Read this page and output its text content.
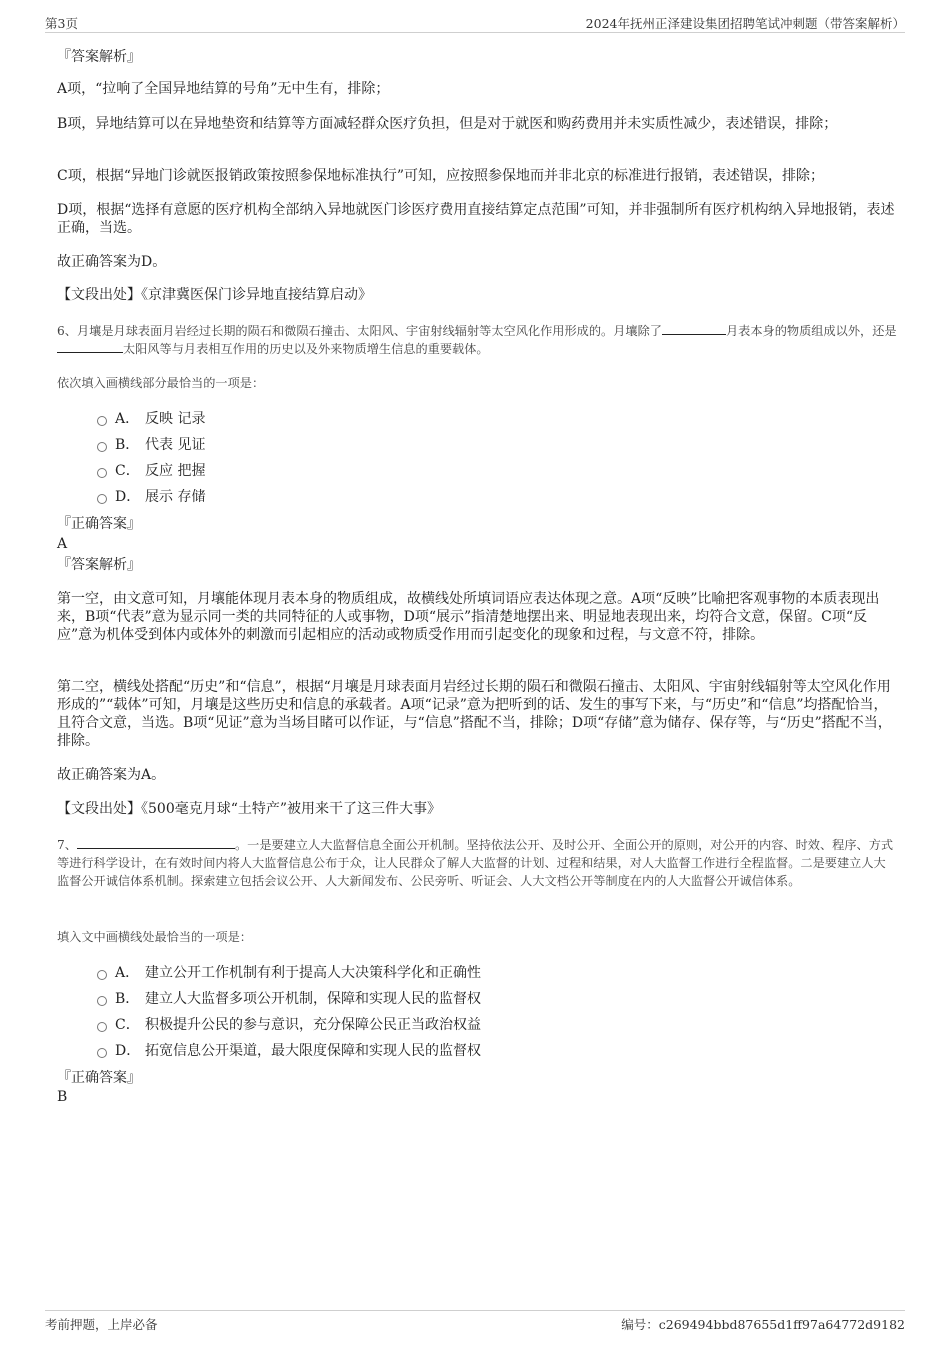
第3页	2024年抚州正泽建设集团招聘笔试冲刺题（带答案解析）
『答案解析』
A项，“拉响了全国异地结算的号角”无中生有，排除；
B项，异地结算可以在异地垫资和结算等方面减轻群众医疗负担，但是对于就医和购药费用并未实质性减少，表述错误，排除；
C项，根据“异地门诊就医报销政策按照参保地标准执行”可知，应按照参保地而并非北京的标准进行报销，表述错误，排除；
D项，根据“选择有意愿的医疗机构全部纳入异地就医门诊医疗费用直接结算定点范围”可知，并非强制所有医疗机构纳入异地报销，表述正确，当选。
故正确答案为D。
【文段出处】《京津冀医保门诊异地直接结算启动》
6、月壤是月球表面月岩经过长期的陨石和微陨石撞击、太阳风、宇宙射线辐射等太空风化作用形成的。月壤除了	月表本身的物质组成以外，还是太阳风等与月表相互作用的历史以及外来物质增生信息的重要载体。
依次填入画横线部分最恰当的一项是：
A． 反映 记录
B． 代表 见证
C． 反应 把握
D． 展示 存储
『正确答案』
A
『答案解析』
第一空，由文意可知，月壤能体现月表本身的物质组成，故横线处所填词语应表达体现之意。A项“反映”比喻把客观事物的本质表现出来，B项“代表”意为显示同一类的共同特征的人或事物，D项“展示”指清楚地摆出来、明显地表现出来，均符合文意，保留。C项“反应”意为机体受到体内或体外的刺激而引起相应的活动或物质受作用而引起变化的现象和过程，与文意不符，排除。
第二空，横线处搭配“历史”和“信息”，根据“月壤是月球表面月岩经过长期的陨石和微陨石撞击、太阳风、宇宙射线辐射等太空风化作用形成的”“载体”可知，月壤是这些历史和信息的承载者。A项“记录”意为把听到的话、发生的事写下来，与“历史”和“信息”均搭配恰当，且符合文意，当选。B项“见证”意为当场目睹可以作证，与“信息”搭配不当，排除；D项“存储”意为储存、保存等，与“历史”搭配不当，排除。
故正确答案为A。
【文段出处】《500毫克月球“土特产”被用来干了这三件大事》
7、	。一是要建立人大监督信息全面公开机制。坚持依法公开、及时公开、全面公开的原则，对公开的内容、时效、程序、方式等进行科学设计，在有效时间内将人大监督信息公布于众，让人民群众了解人大监督的计划、过程和结果，对人大监督工作进行全程监督。二是要建立人大监督公开诚信体系机制。探索建立包括会议公开、人大新闻发布、公民旁听、听证会、人大文档公开等制度在内的人大监督公开诚信体系。
填入文中画横线处最恰当的一项是：
A． 建立公开工作机制有利于提高人大决策科学化和正确性
B． 建立人大监督多项公开机制，保障和实现人民的监督权
C． 积极提升公民的参与意识，充分保障公民正当政治权益
D． 拓宽信息公开渠道，最大限度保障和实现人民的监督权
『正确答案』
B
考前押题，上岸必备	编号：c269494bbd87655d1ff97a64772d9182
